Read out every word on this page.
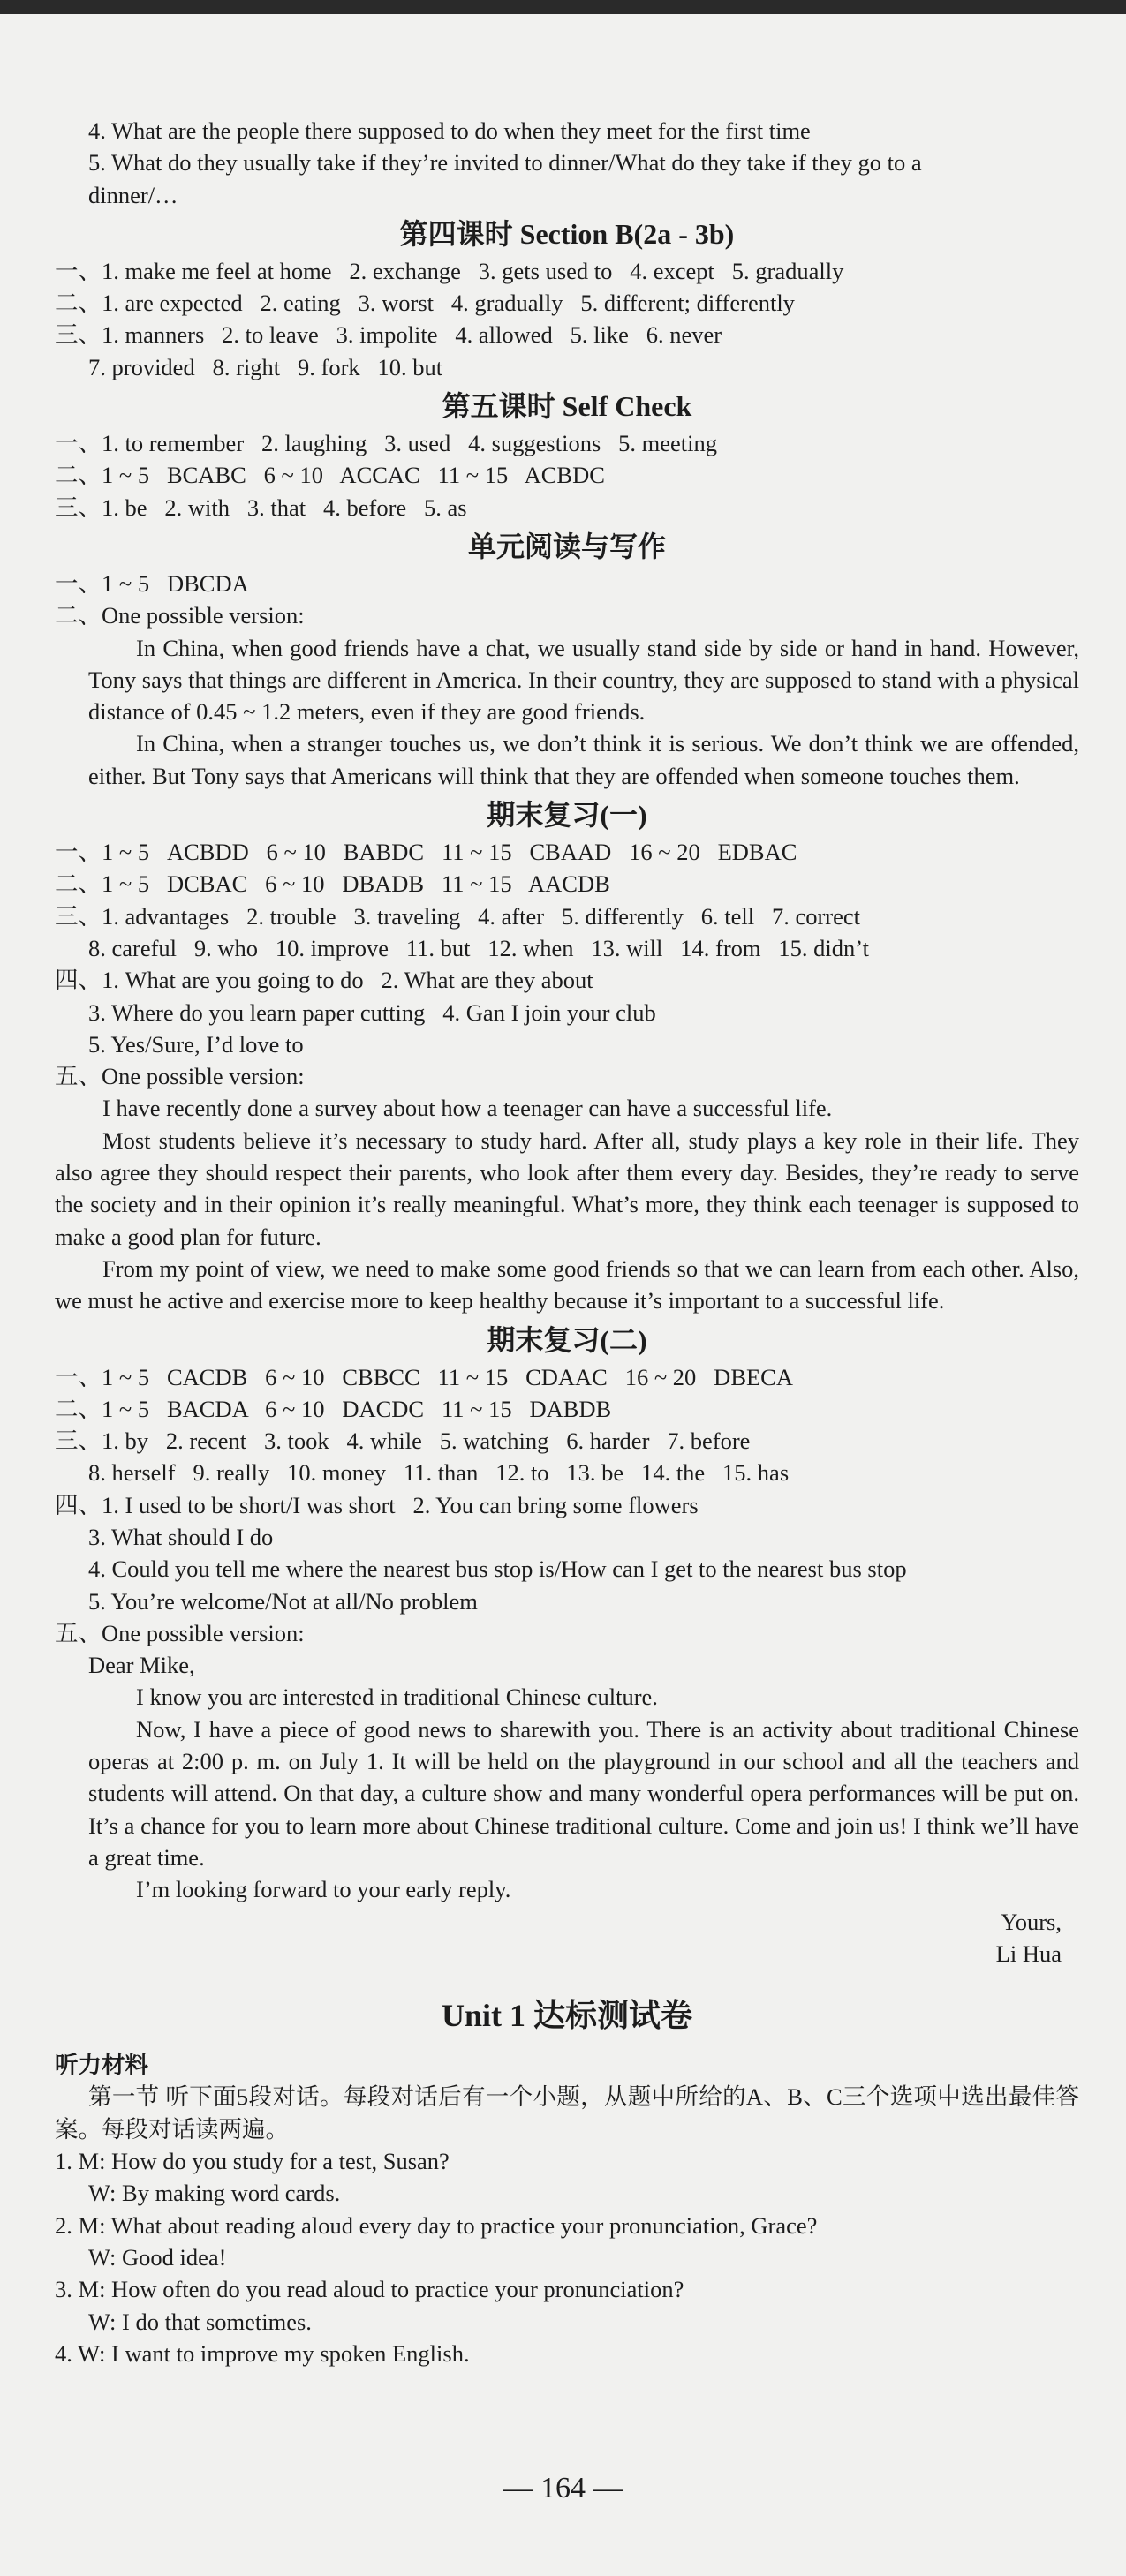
4. What are the people there supposed to do when they meet for the first time
5. What do they usually take if they’re invited to dinner/What do they take if they go to a
dinner/…
第四课时 Section B(2a - 3b)
一、1. make me feel at home   2. exchange   3. gets used to   4. except   5. gradually
二、1. are expected   2. eating   3. worst   4. gradually   5. different; differently
三、1. manners   2. to leave   3. impolite   4. allowed   5. like   6. never
7. provided   8. right   9. fork   10. but
第五课时 Self Check
一、1. to remember   2. laughing   3. used   4. suggestions   5. meeting
二、1 ~ 5   BCABC   6 ~ 10   ACCAC   11 ~ 15   ACBDC
三、1. be   2. with   3. that   4. before   5. as
单元阅读与写作
一、1 ~ 5   DBCDA
二、One possible version:
In China, when good friends have a chat, we usually stand side by side or hand in hand. However, Tony says that things are different in America. In their country, they are supposed to stand with a physical distance of 0.45 ~ 1.2 meters, even if they are good friends.
In China, when a stranger touches us, we don’t think it is serious. We don’t think we are offended, either. But Tony says that Americans will think that they are offended when someone touches them.
期末复习(一)
一、1 ~ 5   ACBDD   6 ~ 10   BABDC   11 ~ 15   CBAAD   16 ~ 20   EDBAC
二、1 ~ 5   DCBAC   6 ~ 10   DBADB   11 ~ 15   AACDB
三、1. advantages   2. trouble   3. traveling   4. after   5. differently   6. tell   7. correct
8. careful   9. who   10. improve   11. but   12. when   13. will   14. from   15. didn’t
四、1. What are you going to do   2. What are they about
3. Where do you learn paper cutting   4. Gan I join your club
5. Yes/Sure, I’d love to
五、One possible version:
I have recently done a survey about how a teenager can have a successful life.
Most students believe it’s necessary to study hard. After all, study plays a key role in their life. They also agree they should respect their parents, who look after them every day. Besides, they’re ready to serve the society and in their opinion it’s really meaningful. What’s more, they think each teenager is supposed to make a good plan for future.
From my point of view, we need to make some good friends so that we can learn from each other. Also, we must he active and exercise more to keep healthy because it’s important to a successful life.
期末复习(二)
一、1 ~ 5   CACDB   6 ~ 10   CBBCC   11 ~ 15   CDAAC   16 ~ 20   DBECA
二、1 ~ 5   BACDA   6 ~ 10   DACDC   11 ~ 15   DABDB
三、1. by   2. recent   3. took   4. while   5. watching   6. harder   7. before
8. herself   9. really   10. money   11. than   12. to   13. be   14. the   15. has
四、1. I used to be short/I was short   2. You can bring some flowers
3. What should I do
4. Could you tell me where the nearest bus stop is/How can I get to the nearest bus stop
5. You’re welcome/Not at all/No problem
五、One possible version:
Dear Mike,
I know you are interested in traditional Chinese culture.
Now, I have a piece of good news to sharewith you. There is an activity about traditional Chinese operas at 2:00 p. m. on July 1. It will be held on the playground in our school and all the teachers and students will attend. On that day, a culture show and many wonderful opera performances will be put on. It’s a chance for you to learn more about Chinese traditional culture. Come and join us! I think we’ll have a great time.
I’m looking forward to your early reply.
Yours,
Li Hua
Unit 1 达标测试卷
听力材料
第一节 听下面5段对话。每段对话后有一个小题，从题中所给的A、B、C三个选项中选出最佳答案。每段对话读两遍。
1. M: How do you study for a test, Susan?
W: By making word cards.
2. M: What about reading aloud every day to practice your pronunciation, Grace?
W: Good idea!
3. M: How often do you read aloud to practice your pronunciation?
W: I do that sometimes.
4. W: I want to improve my spoken English.
— 164 —
